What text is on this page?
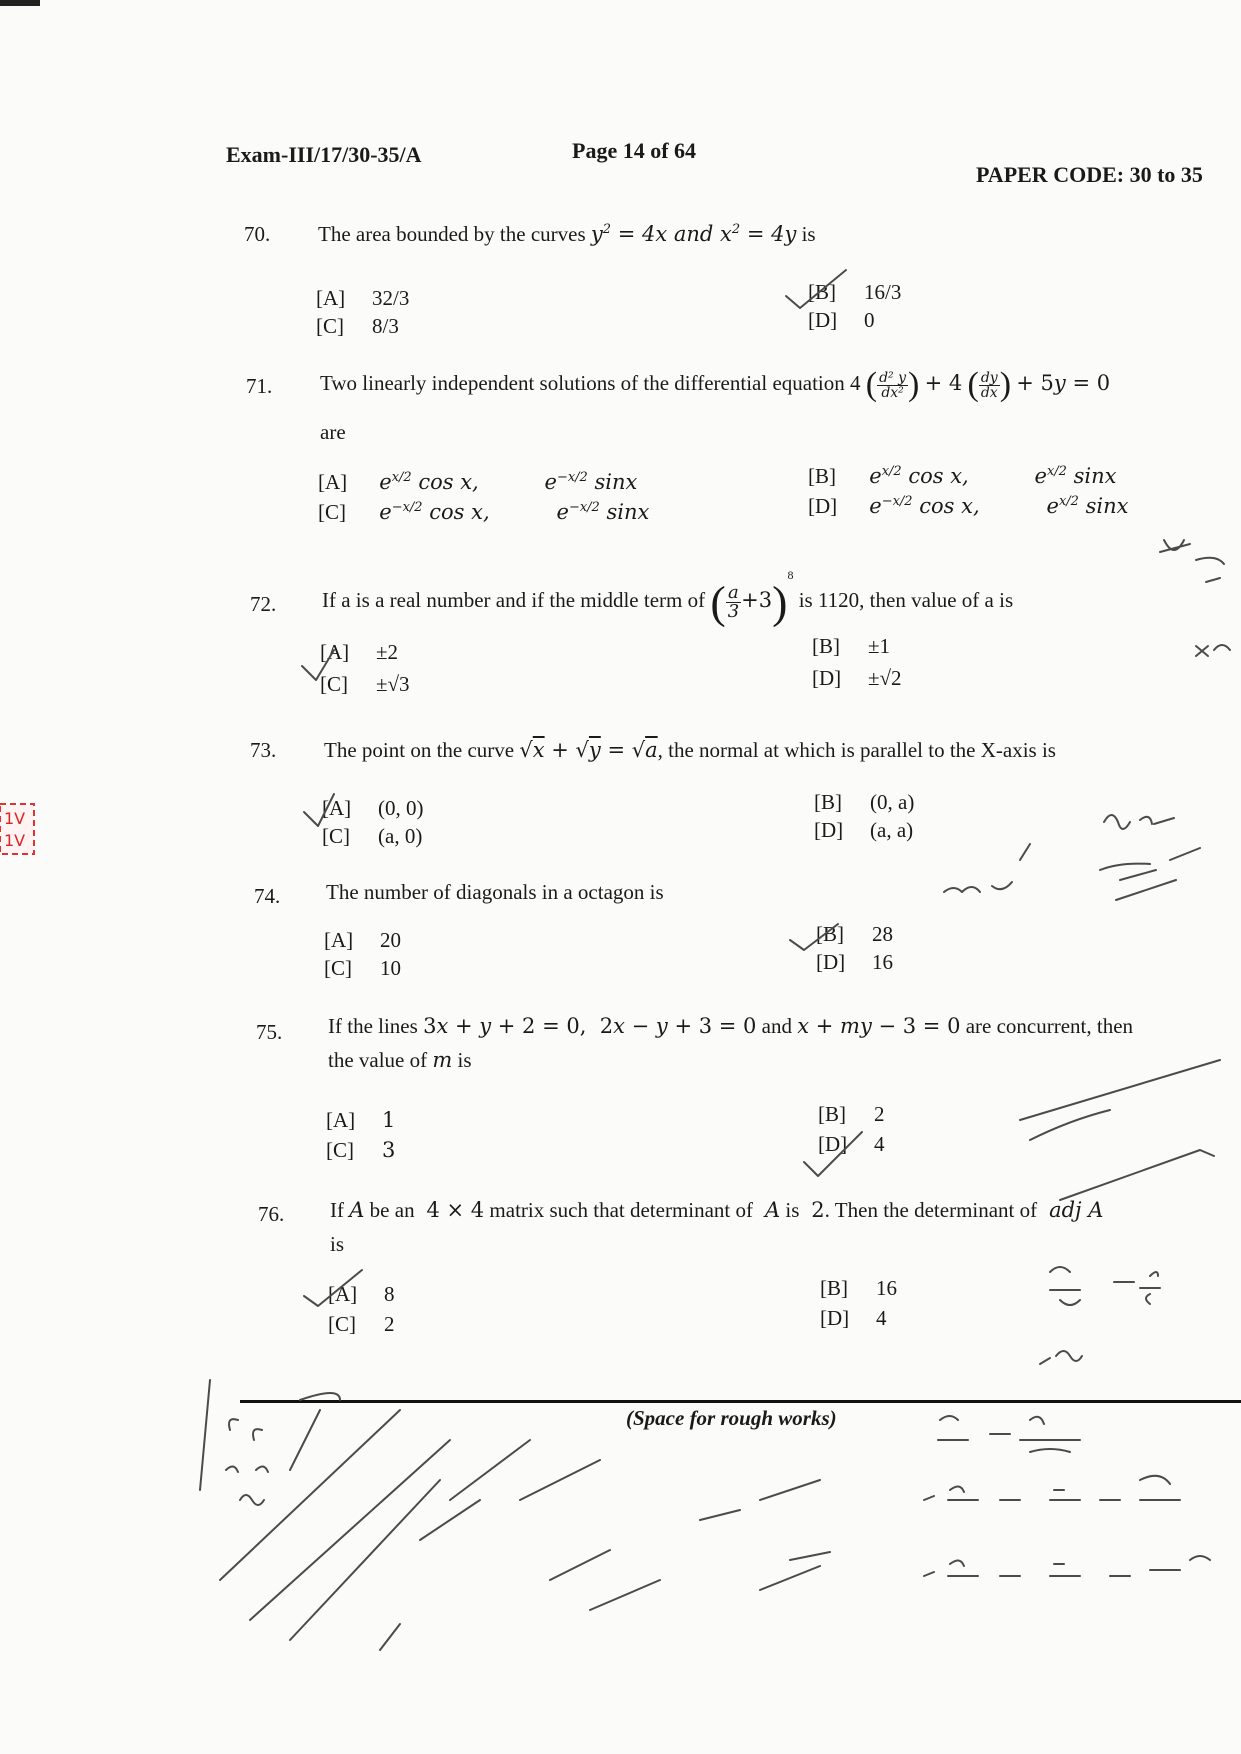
1V
1V
Exam-III/17/30-35/A	Page 14 of 64
PAPER CODE: 30 to 35
70. The area bounded by the curves $y^2 = 4x$ and $x^2 = 4y$ is
[A] 32/3	[B] 16/3
[C] 8/3	[D] 0
71. Two linearly independent solutions of the differential equation 4 ( $\frac{\text{d² y}}{\text{dx²}}$ ) + 4 ( $\frac{dy}{dx}$ ) + 5y = 0
are
[A] $e^{x/2}$ cos x,	$e^{-x/2}$ sinx	[B] $e^{x/2}$ cos x,	$e^{x/2}$ sinx
[C] $e^{-x/2}$ cos x,	$e^{-x/2}$ sinx	[D] $e^{-x/2}$ cos x,	$e^{x/2}$ sinx
72. If a is a real number and if the middle term of ( $\frac{a}{3} +3)^8$ is 1120, then value of a is
[A] ±2	[B] ±1
[C] ±√3	[D] ±√2
73. The point on the curve √x + √y = √a, the normal at which is parallel to the X-axis is
[A] (0, 0)	[B] (0, a)
[C] (a, 0)	[D] (a, a)
74. The number of diagonals in a octagon is
[A] 20	[B] 28
[C] 10	[D] 16
75. If the lines 3x + y + 2 = 0,  2x − y + 3 = 0 and x + my − 3 = 0 are concurrent, then
the value of m is
[A] 1	[B] 2
[C] 3	[D] 4
76. If A be an  4 × 4 matrix such that determinant of  A is  2. Then the determinant of  adj A
is
[A] 8	[B] 16
[C] 2	[D] 4
(Space for rough works)
